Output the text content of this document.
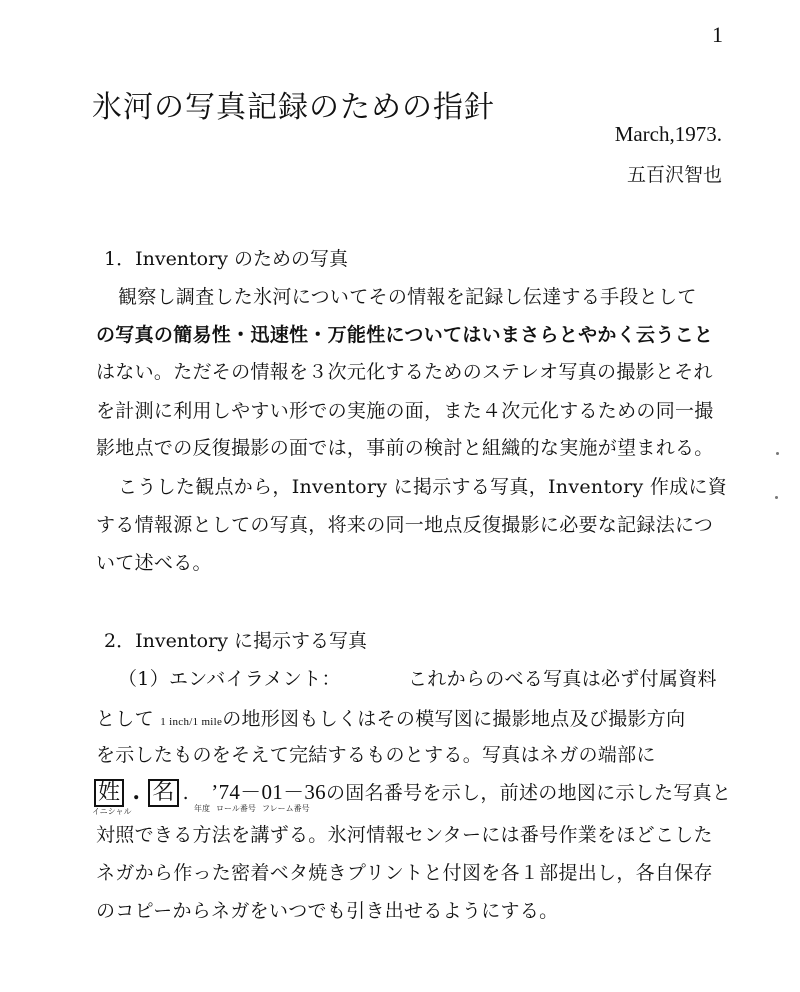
1
氷河の写真記録のための指針
March,1973.
五百沢智也
1．Inventory のための写真
観察し調査した氷河についてその情報を記録し伝達する手段として
の写真の簡易性・迅速性・万能性についてはいまさらとやかく云うこと
はない。ただその情報を３次元化するためのステレオ写真の撮影とそれ
を計測に利用しやすい形での実施の面，また４次元化するための同一撮
影地点での反復撮影の面では，事前の検討と組織的な実施が望まれる。
こうした観点から，Inventory に掲示する写真，Inventory 作成に資
する情報源としての写真，将来の同一地点反復撮影に必要な記録法につ
いて述べる。
2．Inventory に掲示する写真
（1）エンバイラメント：	これからのべる写真は必ず付属資料
として 1 inch/1 mileの地形図もしくはその模写図に撮影地点及び撮影方向
を示したものをそえて完結するものとする。写真はネガの端部に
姓 . 名 . ’74－01－36の固名番号を示し，前述の地図に示した写真と
イニシャル	年度 ロール番号 フレーム番号
対照できる方法を講ずる。氷河情報センターには番号作業をほどこした
ネガから作った密着ベタ焼きプリントと付図を各１部提出し，各自保存
のコピーからネガをいつでも引き出せるようにする。
